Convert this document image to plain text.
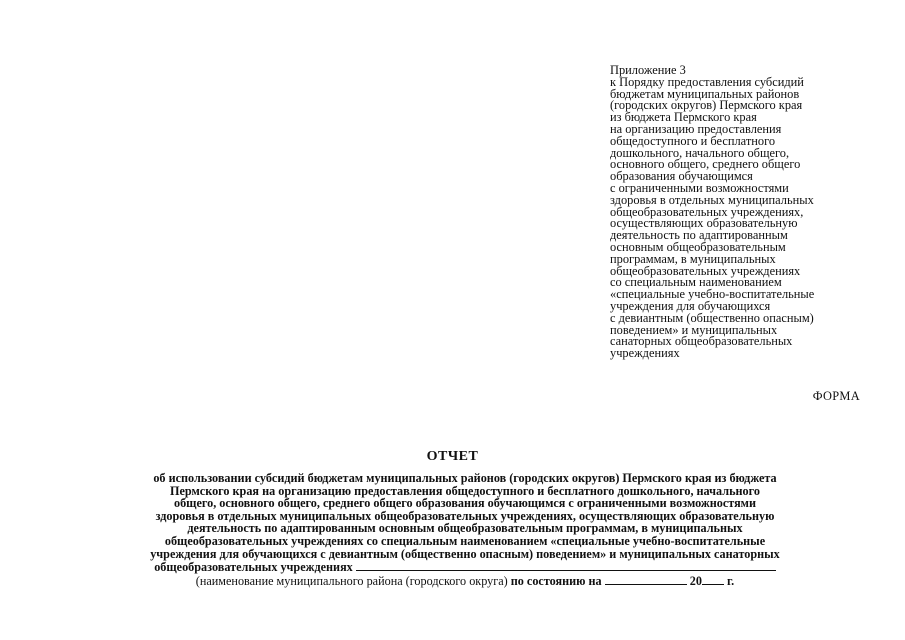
Приложение 3
к Порядку предоставления субсидий
бюджетам муниципальных районов
(городских округов) Пермского края
из бюджета Пермского края
на организацию предоставления
общедоступного и бесплатного
дошкольного, начального общего,
основного общего, среднего общего
образования обучающимся
с ограниченными возможностями
здоровья в отдельных муниципальных
общеобразовательных учреждениях,
осуществляющих образовательную
деятельность по адаптированным
основным общеобразовательным
программам, в муниципальных
общеобразовательных учреждениях
со специальным наименованием
«специальные учебно-воспитательные
учреждения для обучающихся
с девиантным (общественно опасным)
поведением» и муниципальных
санаторных общеобразовательных
учреждениях
ФОРМА
ОТЧЕТ
об использовании субсидий бюджетам муниципальных районов (городских округов) Пермского края из бюджета
Пермского края на организацию предоставления общедоступного и бесплатного дошкольного, начального
общего, основного общего, среднего общего образования обучающимся с ограниченными возможностями
здоровья в отдельных муниципальных общеобразовательных учреждениях, осуществляющих образовательную
деятельность по адаптированным основным общеобразовательным программам, в муниципальных
общеобразовательных учреждениях со специальным наименованием «специальные учебно-воспитательные
учреждения для обучающихся с девиантным (общественно опасным) поведением» и муниципальных санаторных
общеобразовательных учреждениях
(наименование муниципального района (городского округа) по состоянию на	20 г.
